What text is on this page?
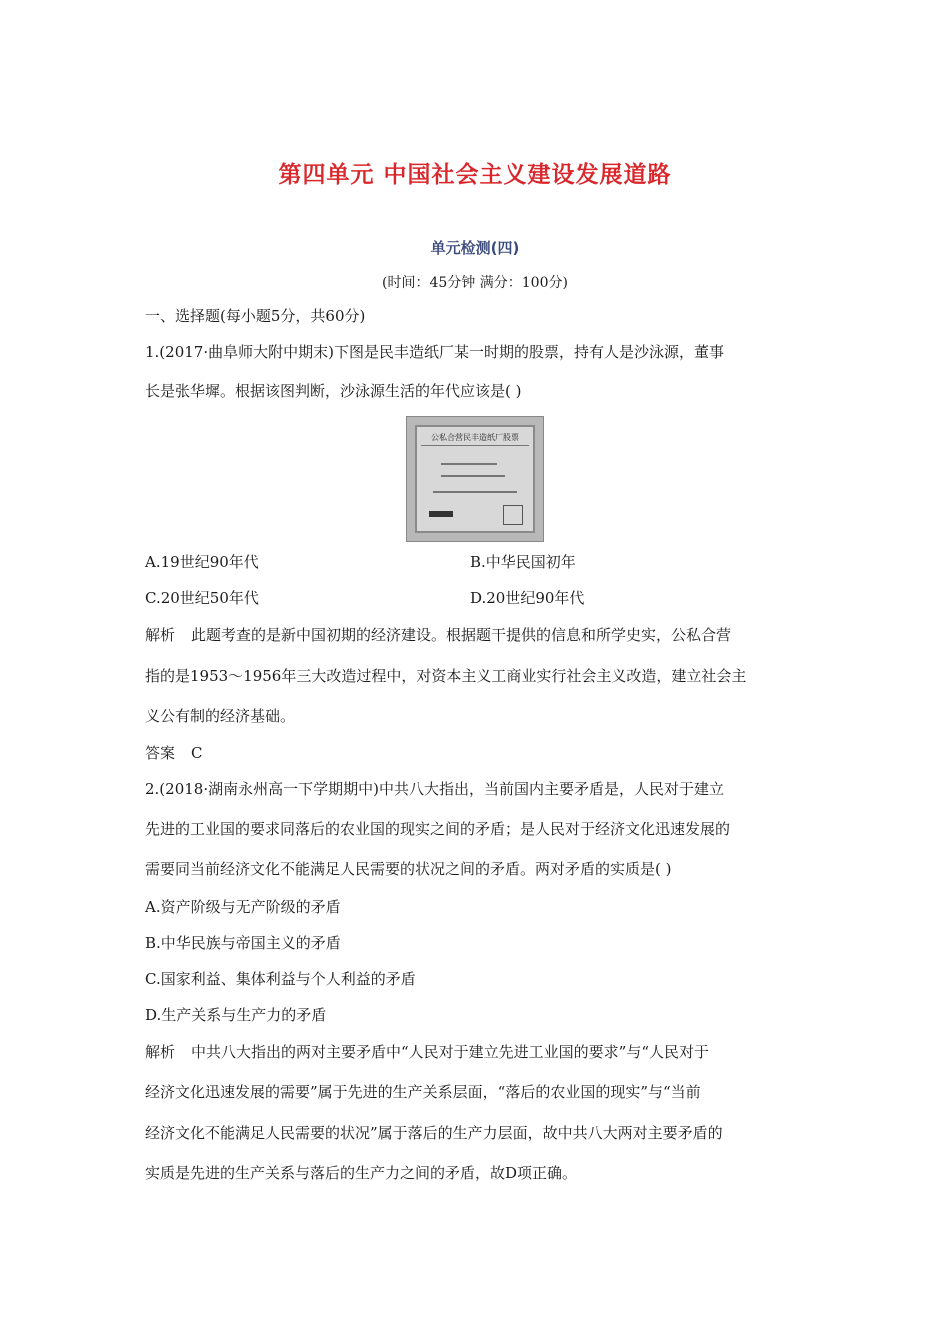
第四单元 中国社会主义建设发展道路
单元检测(四)
(时间：45分钟 满分：100分)
一、选择题(每小题5分，共60分)
1.(2017·曲阜师大附中期末)下图是民丰造纸厂某一时期的股票，持有人是沙泳源，董事
长是张华墀。根据该图判断，沙泳源生活的年代应该是( )
公私合营民丰造纸厂股票
A.19世纪90年代	B.中华民国初年
C.20世纪50年代	D.20世纪90年代
解析 此题考查的是新中国初期的经济建设。根据题干提供的信息和所学史实，公私合营
指的是1953～1956年三大改造过程中，对资本主义工商业实行社会主义改造，建立社会主
义公有制的经济基础。
答案 C
2.(2018·湖南永州高一下学期期中)中共八大指出，当前国内主要矛盾是，人民对于建立
先进的工业国的要求同落后的农业国的现实之间的矛盾；是人民对于经济文化迅速发展的
需要同当前经济文化不能满足人民需要的状况之间的矛盾。两对矛盾的实质是( )
A.资产阶级与无产阶级的矛盾
B.中华民族与帝国主义的矛盾
C.国家利益、集体利益与个人利益的矛盾
D.生产关系与生产力的矛盾
解析 中共八大指出的两对主要矛盾中“人民对于建立先进工业国的要求”与“人民对于
经济文化迅速发展的需要”属于先进的生产关系层面，“落后的农业国的现实”与“当前
经济文化不能满足人民需要的状况”属于落后的生产力层面，故中共八大两对主要矛盾的
实质是先进的生产关系与落后的生产力之间的矛盾，故D项正确。
